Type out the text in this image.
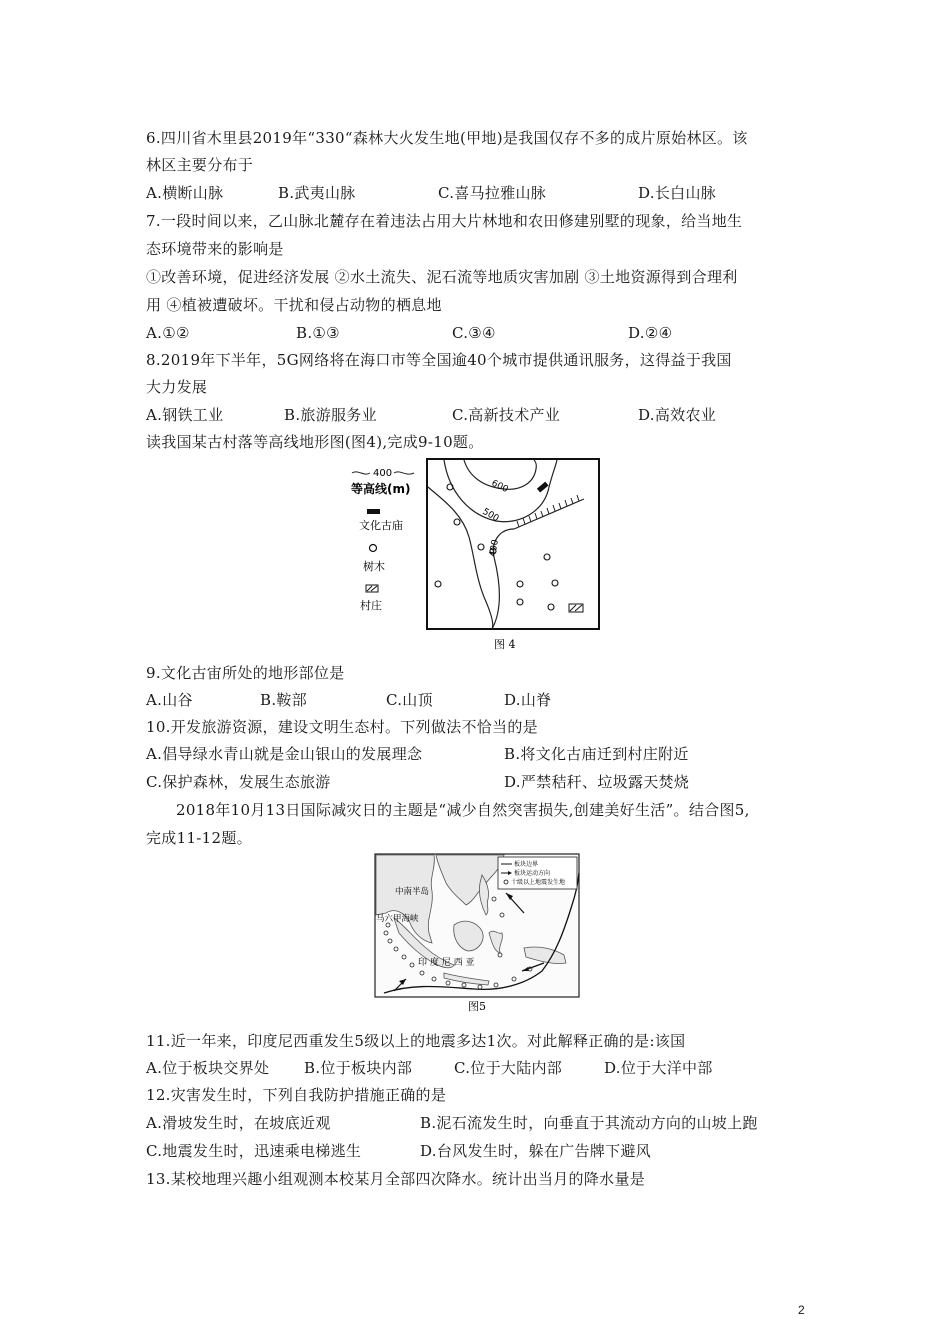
6.四川省木里县2019年“330“森林大火发生地(甲地)是我国仅存不多的成片原始林区。该
林区主要分布于
A.横断山脉	B.武夷山脉	C.喜马拉雅山脉	D.长白山脉
7.一段时间以来，乙山脉北麓存在着违法占用大片林地和农田修建别墅的现象，给当地生
态环境带来的影响是
①改善环境，促进经济发展 ②水土流失、泥石流等地质灾害加剧 ③土地资源得到合理利
用 ④植被遭破坏。干扰和侵占动物的栖息地
A.①②	B.①③	C.③④	D.②④
8.2019年下半年，5G网络将在海口市等全国逾40个城市提供通讯服务，这得益于我国
大力发展
A.钢铁工业	B.旅游服务业	C.高新技术产业	D.高效农业
读我国某古村落等高线地形图(图4),完成9-10题。
400
等高线(m)
文化古庙
树木
村庄
600
500
400
图 4
9.文化古宙所处的地形部位是
A.山谷	B.鞍部	C.山顶	D.山脊
10.开发旅游资源，建设文明生态村。下列做法不恰当的是
A.倡导绿水青山就是金山银山的发展理念	B.将文化古庙迁到村庄附近
C.保护森林，发展生态旅游	D.严禁秸秆、垃圾露天焚烧
2018年10月13日国际减灾日的主题是“减少自然突害损失,创建美好生活”。结合图5,
完成11-12题。
中南半岛
马六甲海峡
印 度 尼 西 亚
板块边界
板块运动方向
十级以上地震发生地
图5
11.近一年来，印度尼西重发生5级以上的地震多达1次。对此解释正确的是:该国
A.位于板块交界处 B.位于板块内部	C.位于大陆内部	D.位于大洋中部
12.灾害发生时，下列自我防护措施正确的是
A.滑坡发生时，在坡底近观	B.泥石流发生时，向垂直于其流动方向的山坡上跑
C.地震发生时，迅速乘电梯逃生	D.台风发生时，躲在广告牌下避风
13.某校地理兴趣小组观测本校某月全部四次降水。统计出当月的降水量是
2
